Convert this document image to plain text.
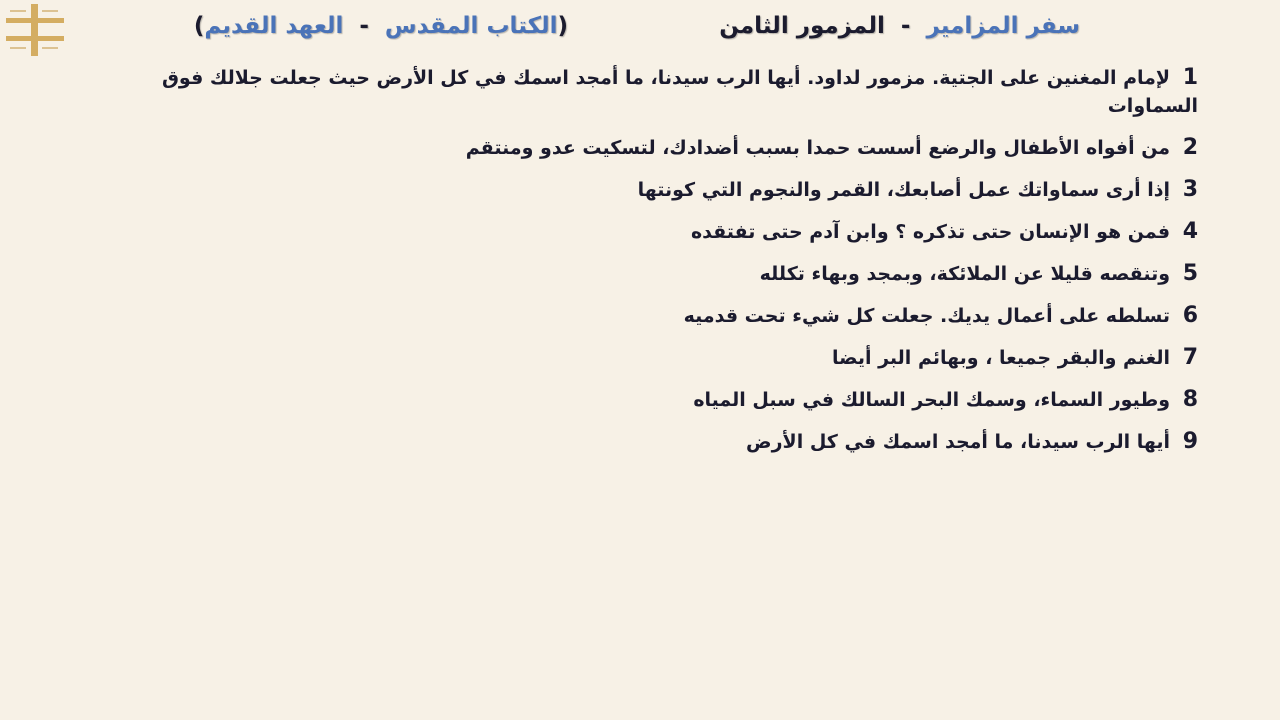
سفر المزامير - المزمور الثامن
(الكتاب المقدس - العهد القديم)
1 لإمام المغنين على الجتية. مزمور لداود. أيها الرب سيدنا، ما أمجد اسمك في كل الأرض حيث جعلت جلالك فوق السماوات
2 من أفواه الأطفال والرضع أسست حمدا بسبب أضدادك، لتسكيت عدو ومنتقم
3 إذا أرى سماواتك عمل أصابعك، القمر والنجوم التي كونتها
4 فمن هو الإنسان حتى تذكره ؟ وابن آدم حتى تفتقده
5 وتنقصه قليلا عن الملائكة، وبمجد وبهاء تكلله
6 تسلطه على أعمال يديك. جعلت كل شيء تحت قدميه
7 الغنم والبقر جميعا ، وبهائم البر أيضا
8 وطيور السماء، وسمك البحر السالك في سبل المياه
9 أيها الرب سيدنا، ما أمجد اسمك في كل الأرض
